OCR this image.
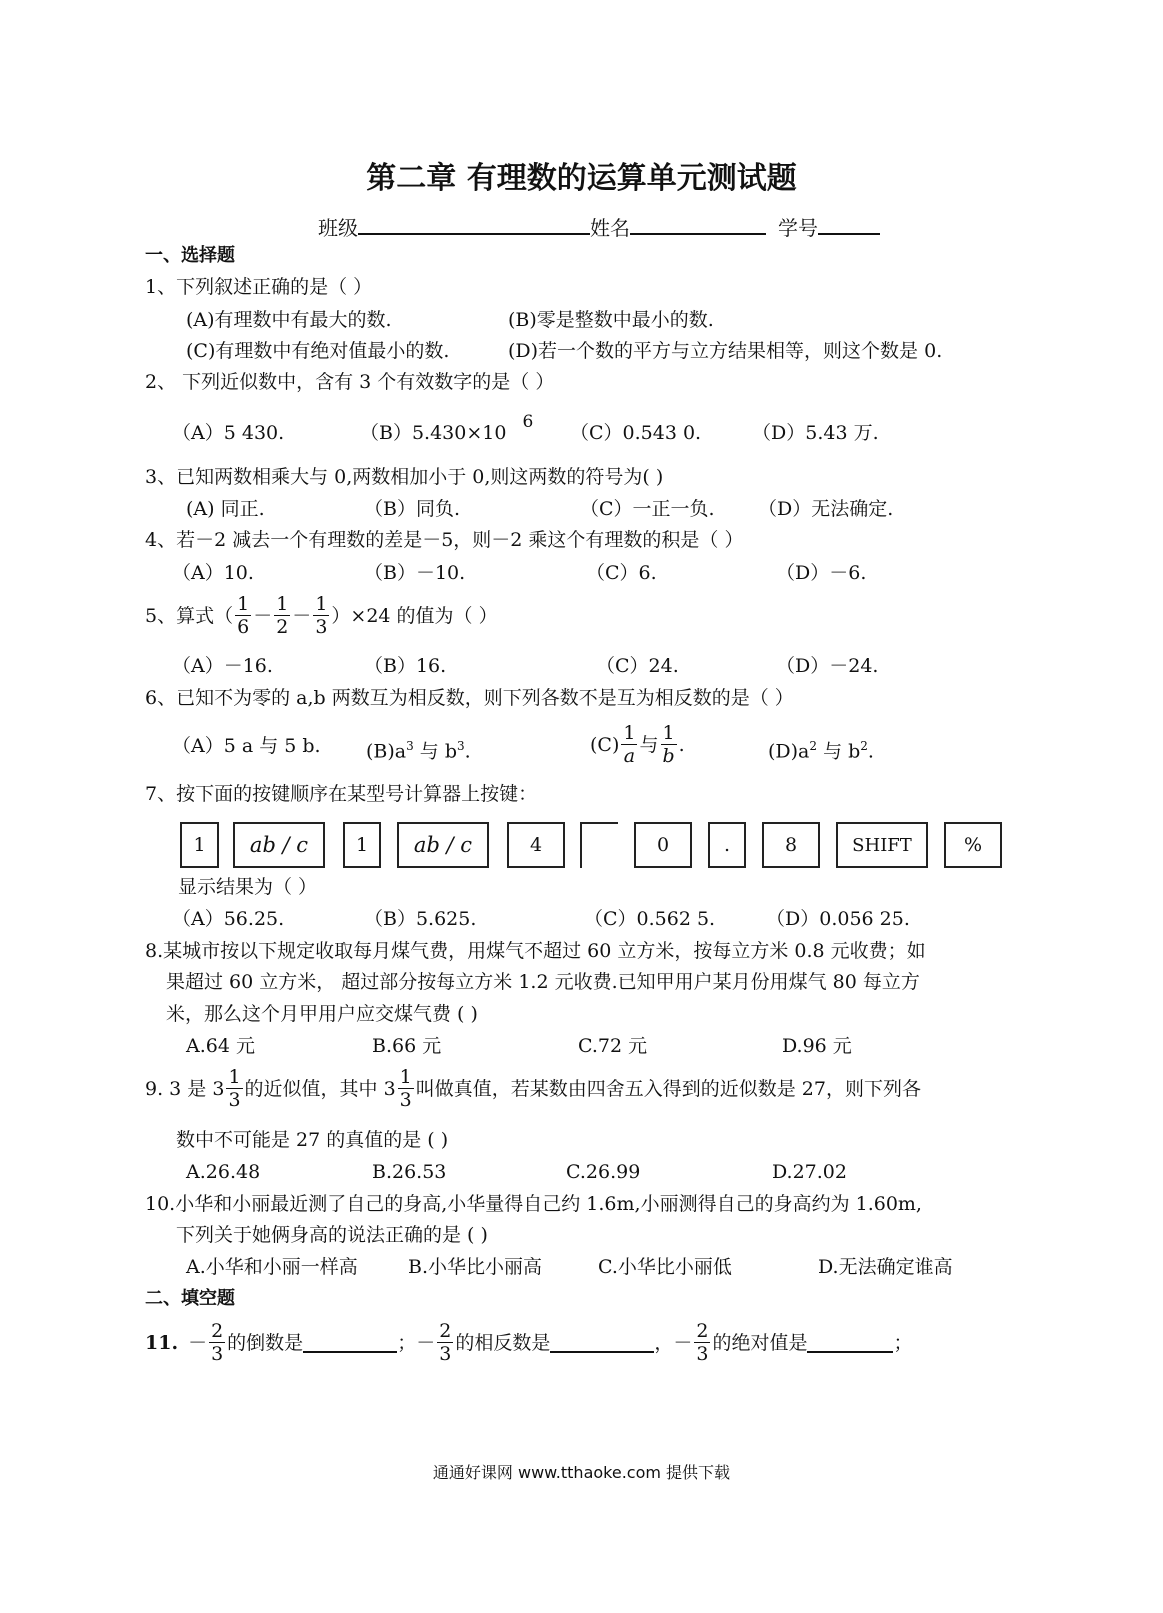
第二章 有理数的运算单元测试题
班级	姓名	学号
一、选择题
1、下列叙述正确的是（ ）
(A)有理数中有最大的数.	(B)零是整数中最小的数.
(C)有理数中有绝对值最小的数.	(D)若一个数的平方与立方结果相等，则这个数是 0.
2、 下列近似数中，含有 3 个有效数字的是（ ）
（A）5 430.	（B）5.430×10 6 （C）0.543 0.	（D）5.43 万.
3、已知两数相乘大与 0,两数相加小于 0,则这两数的符号为( )
(A) 同正.	（B）同负.	（C）一正一负. （D）无法确定.
4、若－2 减去一个有理数的差是－5，则－2 乘这个有理数的积是（ ）
（A）10.	（B）－10.	（C）6.	（D）－6.
5、算式（ $\frac{1}{6} - \frac{1}{2} - \frac{1}{3} )\times 24$ 的值为（ ）
（A）－16.	（B）16.	（C）24.	（D）－24.
6、已知不为零的 a,b 两数互为相反数，则下列各数不是互为相反数的是（ ）
（A）5 a 与 5 b. $(B)a^3$ 与 $b^3$.	$(C) \frac{1}{a}$ 与 $\frac{1}{b}$ .	$(D)a^2$ 与 $b^2$.
7、按下面的按键顺序在某型号计算器上按键：
1	ab / c	1	ab / c	4	0	.	8	SHIFT	%
显示结果为（ ）
（A）56.25.	（B）5.625.	（C）0.562 5.	（D）0.056 25.
8.某城市按以下规定收取每月煤气费，用煤气不超过 60 立方米，按每立方米 0.8 元收费；如
果超过 60 立方米， 超过部分按每立方米 1.2 元收费.已知甲用户某月份用煤气 80 每立方
米，那么这个月甲用户应交煤气费 ( )
A.64 元	B.66 元	C.72 元	D.96 元
9. 3 是 $3 \frac{1}{3}$ 的近似值，其中 $3 \frac{1}{3}$ 叫做真值，若某数由四舍五入得到的近似数是 27，则下列各
数中不可能是 27 的真值的是 ( )
A.26.48	B.26.53	C.26.99	D.27.02
10.小华和小丽最近测了自己的身高,小华量得自己约 1.6m,小丽测得自己的身高约为 1.60m,
下列关于她俩身高的说法正确的是 ( )
A.小华和小丽一样高	B.小华比小丽高	C.小华比小丽低	D.无法确定谁高
二、填空题
11. － $\frac{2}{3}$ 的倒数是	； － $\frac{2}{3}$ 的相反数是	， － $\frac{2}{3}$ 的绝对值是	；
通通好课网 www.tthaoke.com 提供下载
